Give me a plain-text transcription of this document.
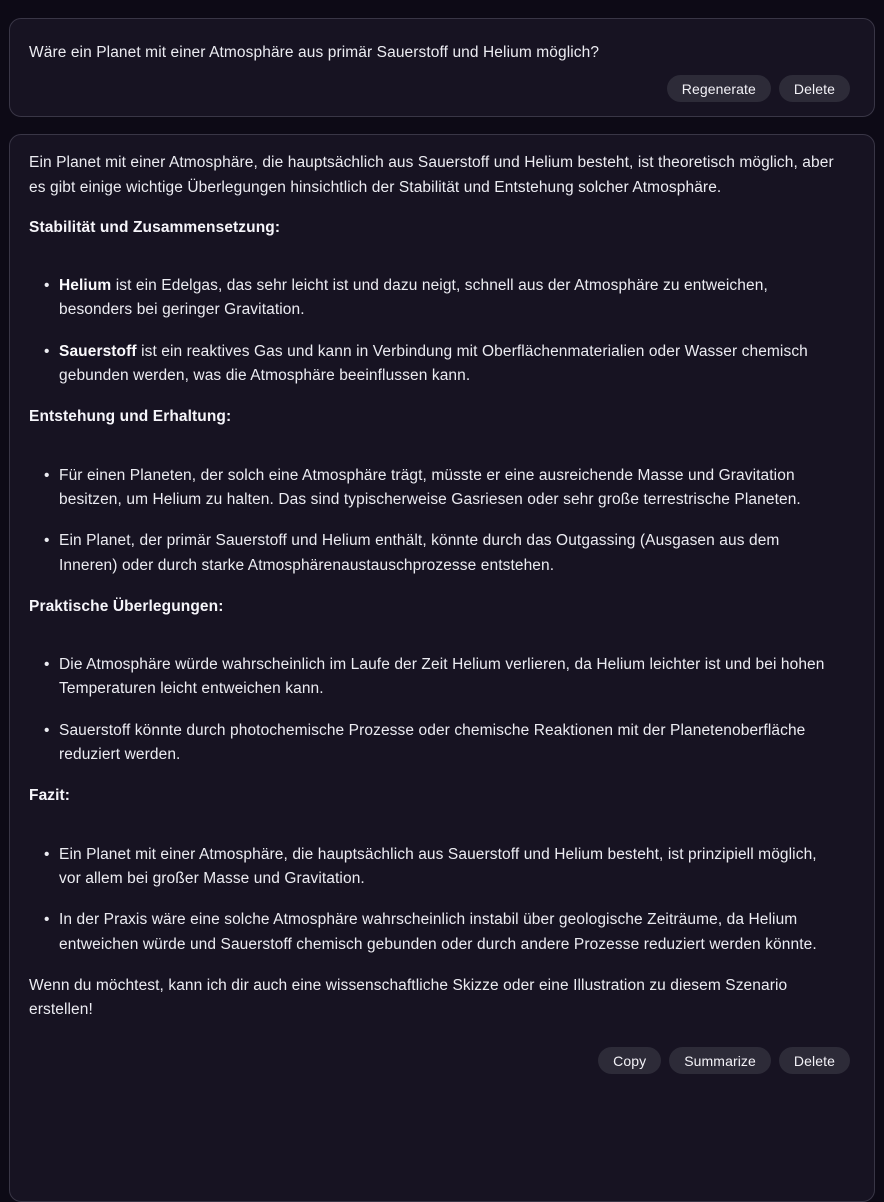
Wäre ein Planet mit einer Atmosphäre aus primär Sauerstoff und Helium möglich?
Regenerate	Delete

Ein Planet mit einer Atmosphäre, die hauptsächlich aus Sauerstoff und Helium besteht, ist theoretisch möglich, aber es gibt einige wichtige Überlegungen hinsichtlich der Stabilität und Entstehung solcher Atmosphäre.

Stabilität und Zusammensetzung:
• Helium ist ein Edelgas, das sehr leicht ist und dazu neigt, schnell aus der Atmosphäre zu entweichen, besonders bei geringer Gravitation.
• Sauerstoff ist ein reaktives Gas und kann in Verbindung mit Oberflächenmaterialien oder Wasser chemisch gebunden werden, was die Atmosphäre beeinflussen kann.
Entstehung und Erhaltung:
• Für einen Planeten, der solch eine Atmosphäre trägt, müsste er eine ausreichende Masse und Gravitation besitzen, um Helium zu halten. Das sind typischerweise Gasriesen oder sehr große terrestrische Planeten.
• Ein Planet, der primär Sauerstoff und Helium enthält, könnte durch das Outgassing (Ausgasen aus dem Inneren) oder durch starke Atmosphärenaustauschprozesse entstehen.
Praktische Überlegungen:
• Die Atmosphäre würde wahrscheinlich im Laufe der Zeit Helium verlieren, da Helium leichter ist und bei hohen Temperaturen leicht entweichen kann.
• Sauerstoff könnte durch photochemische Prozesse oder chemische Reaktionen mit der Planetenoberfläche reduziert werden.
Fazit:
• Ein Planet mit einer Atmosphäre, die hauptsächlich aus Sauerstoff und Helium besteht, ist prinzipiell möglich, vor allem bei großer Masse und Gravitation.
• In der Praxis wäre eine solche Atmosphäre wahrscheinlich instabil über geologische Zeiträume, da Helium entweichen würde und Sauerstoff chemisch gebunden oder durch andere Prozesse reduziert werden könnte.

Wenn du möchtest, kann ich dir auch eine wissenschaftliche Skizze oder eine Illustration zu diesem Szenario erstellen!

Copy	Summarize	Delete
